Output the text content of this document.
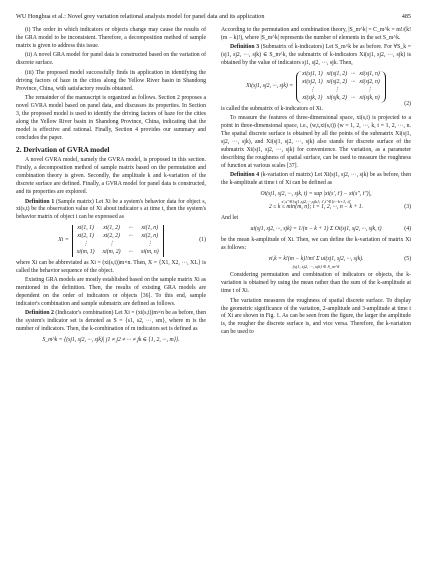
WU Honghua et al.: Novel grey variation relational analysis model for panel data and its application	485

(i) The order in which indicators or objects change may cause the results of the GRA model to be inconsistent. Therefore, a decomposition method of sample matrix is given to address this issue.

(ii) A novel GRA model for panel data is constructed based on the variation of discrete surface.

(iii) The proposed model successfully finds its application in identifying the driving factors of haze in the cities along the Yellow River basin in Shandong Province, China, with satisfactory results obtained.

The remainder of the manuscript is organized as follows. Section 2 proposes a novel GVRA model based on panel data, and discusses its properties. In Section 3, the proposed model is used to identify the driving factors of haze for the cities along the Yellow River basin in Shandong Province, China, indicating that the model is effective and rational. Finally, Section 4 provides our summary and concludes the paper.

2. Derivation of GVRA model

A novel GVRA model, namely the GVRA model, is proposed in this section. Firstly, a decomposition method of sample matrix based on the permutation and combination theory is given. Secondly, the amplitude k and k-variation of the discrete surface are defined. Finally, a GVRA model for panel data is constructed, and its properties are explored.

Definition 1 (Sample matrix) Let Xi be a system's behavior data for object s, xi(s,t) be the observation value of Xi about indicator s at time t, then the system's behavior matrix of object i can be expressed as

Xi =
xi(1, 1) xi(1, 2) ··· xi(1, n)
xi(2, 1) xi(2, 2) ··· xi(2, n)
⋮	⋮	⋮
xi(m, 1) xi(m, 2) ··· xi(m, n)
(1)

where Xi can be abbreviated as Xi = (xi(s,t))m×n. Then, X = {X1, X2, ···, XL} is called the behavior sequence of the object.

Existing GRA models are mostly established based on the sample matrix Xi as mentioned in the definition. Then, the results of existing GRA models are dependent on the order of indicators or objects [36]. To this end, sample indicator's combination and sample submatrix are defined as follows.

Definition 2 (Indicator's combination) Let Xi = (xi(s,t))m×n be as before, then the system's indicator set is denoted as S = {s1, s2, ···, sm}, where m is the number of indicators. Then, the k-combination of m indicators set is defined as

S_m^k = {(sj1, sj2, ···, sjk)| j1 ≠ j2 ≠ ··· ≠ jk ∈ {1, 2, ···, m}}.

According to the permutation and combination theory, |S_m^k| = C_m^k = m!/(k!(m − k)!), where |S_m^k| represents the number of elements in the set S_m^k.

Definition 3 (Submatrix of k-indicators) Let S_m^k be as before. For ∀S_k = (sj1, sj2, ···, sjk) ∈ S_m^k, the submatrix of k-indicators Xi(sj1, sj2, ···, sjk) is obtained by the value of indicators sj1, sj2, ···, sjk. Then,

Xi(sj1, sj2, ···, sjk) =
xi(sj1, 1) xi(sj1, 2) ··· xi(sj1, n)
xi(sj2, 1) xi(sj2, 2) ··· xi(sj2, n)
⋮	⋮	⋮
xi(sjk, 1) xi(sjk, 2) ··· xi(sjk, n)
(2)

is called the submatrix of k-indicators of Xi.

To measure the features of three-dimensional space, xi(s,t) is projected to a point in three-dimensional space, i.e., (w,t,xi(s,t)) (w = 1, 2, ···, k, t = 1, 2, ···, n. The spatial discrete surface is obtained by all the points of the submatrix Xi(sj1, sj2, ···, sjk), and Xi(sj1, sj2, ···, sjk) also stands for discrete surface of the submatrix Xi(sj1, sj2, ···, sjk) for convenience. The variation, as a parameter describing the roughness of spatial surface, can be used to measure the roughness of function at various scales [37].

Definition 4 (k-variation of matrix) Let Xi(sj1, sj2, ···, sjk) be as before, then the k-amplitude at time t of Xi can be defined as

Oi(sj1, sj2, ···, sjk, t) = sup |xi(s′, t′) − xi(s″, t″)|,
s′,s″∈{sj1,sj2,···,sjk}; t′,t″∈[t−k+1, t]
2 ≤ k ≤ min{m, n}; t = 1, 2, ···, n − k + 1.	(3)

And let

ui(sj1, sj2, ···, sjk) = 1/(n − k + 1) Σ Oi(sj1, sj2, ···, sjk, t)	(4)

be the mean k-amplitude of Xi. Then, we can define the k-variation of matrix Xi as follows:

vi,k = k!(m − k)!/m! Σ ui(sj1, sj2, ···, sjk).
(sj1, sj2, ···, sjk) ∈ S_m^k
(5)

Considering permutation and combination of indicators or objects, the k-variation is obtained by using the mean rather than the sum of the k-amplitude at time t of Xi.

The variation measures the roughness of spatial discrete surface. To display the geometric significance of the variation, 2-amplitude and 3-amplitude at time t of Xi are shown in Fig. 1. As can be seen from the figure, the larger the amplitude is, the rougher the discrete surface is, and vice versa. Therefore, the k-variation can be used to
